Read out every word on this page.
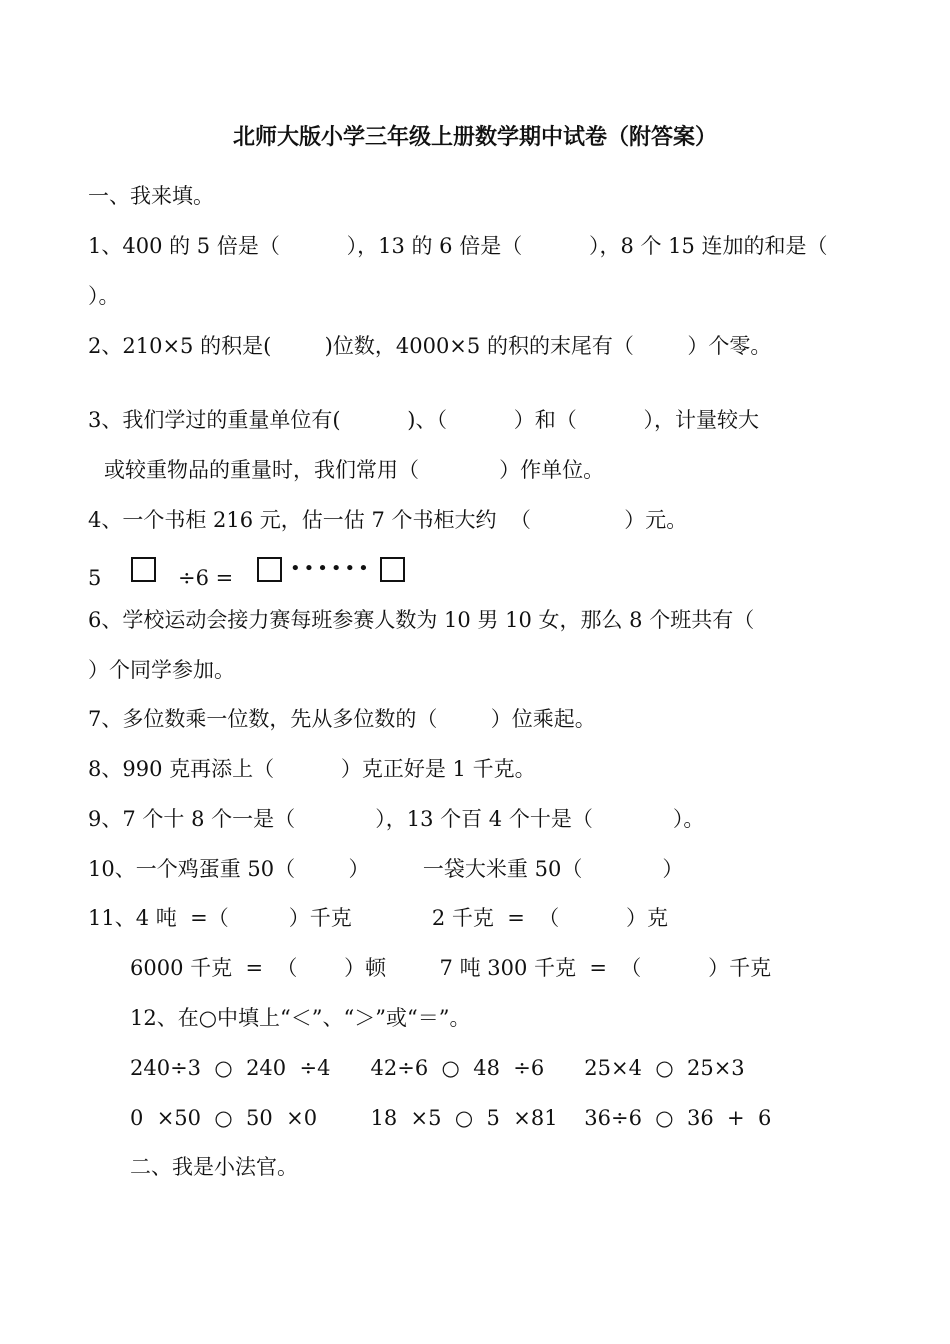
北师大版小学三年级上册数学期中试卷（附答案）
一、我来填。
1、400 的 5 倍是（          ），13 的 6 倍是（          ），8 个 15 连加的和是（
）。
2、210×5 的积是(        )位数，4000×5 的积的末尾有（        ）个零。
3、我们学过的重量单位有(          )、（          ）和（          ），计量较大
或较重物品的重量时，我们常用（            ）作单位。
4、一个书柜 216 元，估一估 7 个书柜大约  （              ）元。
5	÷6 =	••••••
6、学校运动会接力赛每班参赛人数为 10 男 10 女，那么 8 个班共有（
）个同学参加。
7、多位数乘一位数，先从多位数的（        ）位乘起。
8、990 克再添上（          ）克正好是 1 千克。
9、7 个十 8 个一是（            ），13 个百 4 个十是（            ）。
10、一个鸡蛋重 50（        ）        一袋大米重 50（            ）
11、4 吨  =（         ）千克            2 千克  =  （          ）克
6000 千克  =  （       ）顿        7 吨 300 千克  =  （          ）千克
12、在○中填上“＜”、“＞”或“＝”。
240÷3  ○  240  ÷4      42÷6  ○  48  ÷6      25×4  ○  25×3
0  ×50  ○  50  ×0        18  ×5  ○  5  ×81    36÷6  ○  36  +  6
二、我是小法官。
